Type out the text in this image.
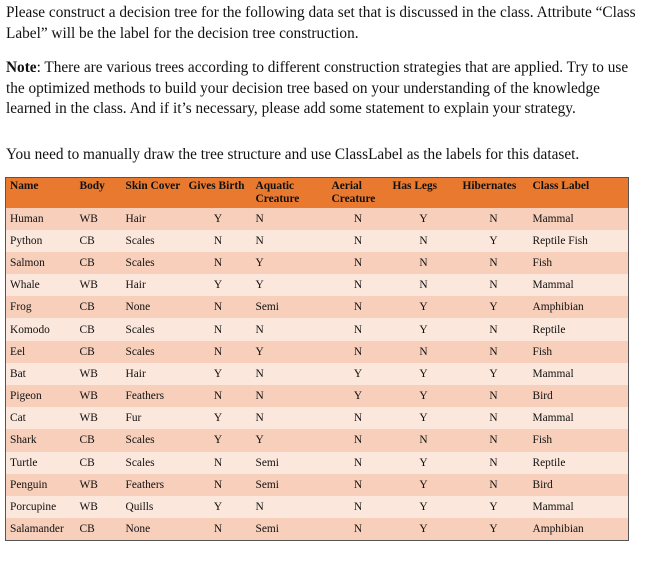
Please construct a decision tree for the following data set that is discussed in the class. Attribute “Class Label” will be the label for the decision tree construction.

Note: There are various trees according to different construction strategies that are applied. Try to use the optimized methods to build your decision tree based on your understanding of the knowledge learned in the class. And if it’s necessary, please add some statement to explain your strategy.

You need to manually draw the tree structure and use ClassLabel as the labels for this dataset.

Name	Body	Skin Cover	Gives Birth	Aquatic Creature	Aerial Creature	Has Legs	Hibernates	Class Label
Human	WB	Hair	Y	N	N	Y	N	Mammal
Python	CB	Scales	N	N	N	N	Y	Reptile Fish
Salmon	CB	Scales	N	Y	N	N	N	Fish
Whale	WB	Hair	Y	Y	N	N	N	Mammal
Frog	CB	None	N	Semi	N	Y	Y	Amphibian
Komodo	CB	Scales	N	N	N	Y	N	Reptile
Eel	CB	Scales	N	Y	N	N	N	Fish
Bat	WB	Hair	Y	N	Y	Y	Y	Mammal
Pigeon	WB	Feathers	N	N	Y	Y	N	Bird
Cat	WB	Fur	Y	N	N	Y	N	Mammal
Shark	CB	Scales	Y	Y	N	N	N	Fish
Turtle	CB	Scales	N	Semi	N	Y	N	Reptile
Penguin	WB	Feathers	N	Semi	N	Y	N	Bird
Porcupine	WB	Quills	Y	N	N	Y	Y	Mammal
Salamander	CB	None	N	Semi	N	Y	Y	Amphibian
